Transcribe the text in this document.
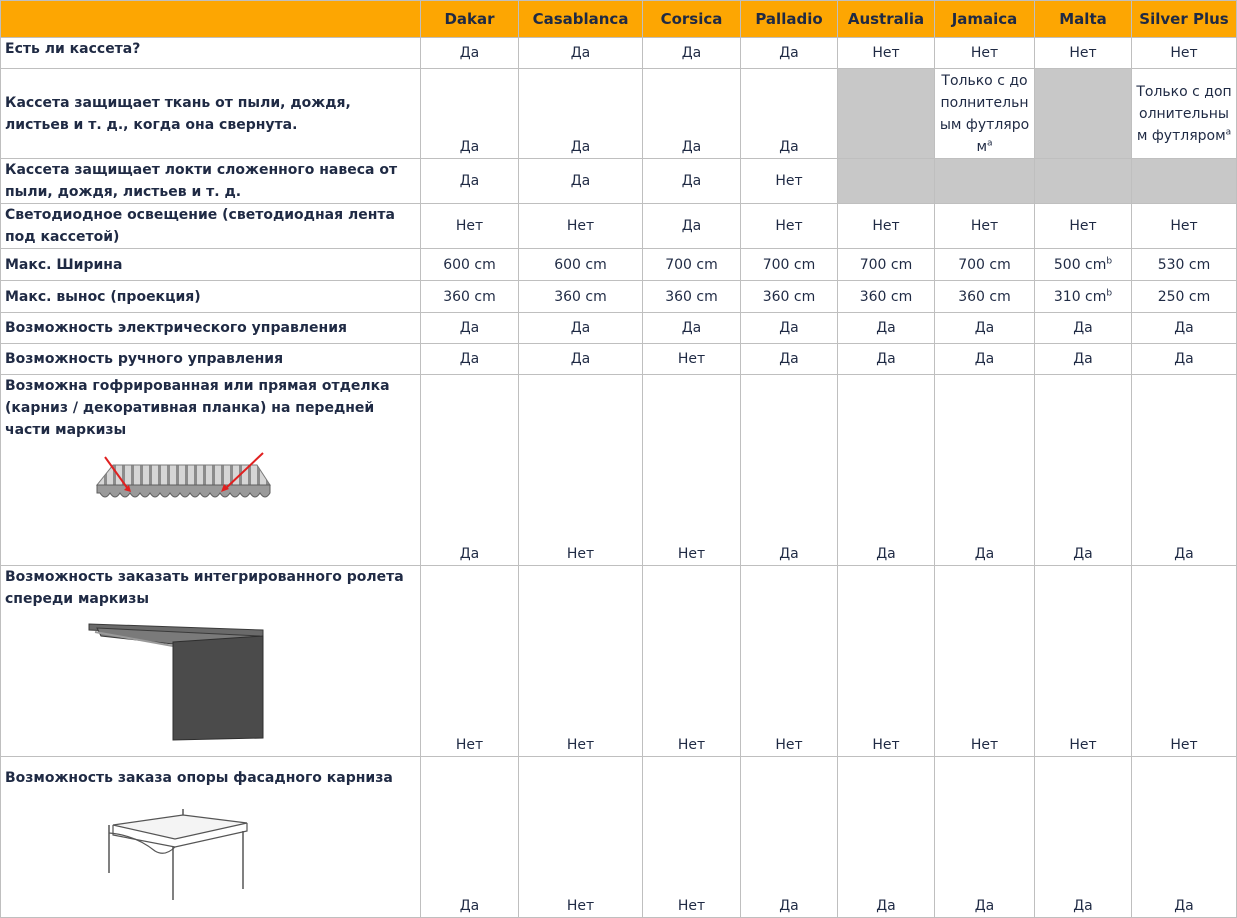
	Dakar	Casablanca	Corsica	Palladio	Australia	Jamaica	Malta	Silver Plus
Есть ли кассета?	Да	Да	Да	Да	Нет	Нет	Нет	Нет
Кассета защищает ткань от пыли, дождя, листьев и т. д., когда она свернута.	Да	Да	Да	Да		Только с дополнительным футляром$^a$		Только с дополнительным футляром$^a$
Кассета защищает локти сложенного навеса от пыли, дождя, листьев и т. д.	Да	Да	Да	Нет				
Светодиодное освещение (светодиодная лента под кассетой)	Нет	Нет	Да	Нет	Нет	Нет	Нет	Нет
Макс. Ширина	600 cm	600 cm	700 cm	700 cm	700 cm	700 cm	500 $cm^b$	530 cm
Макс. вынос (проекция)	360 cm	360 cm	360 cm	360 cm	360 cm	360 cm	310 $cm^b$	250 cm
Возможность электрического управления	Да	Да	Да	Да	Да	Да	Да	Да
Возможность ручного управления	Да	Да	Нет	Да	Да	Да	Да	Да

Возможна гофрированная или прямая отделка (карниз / декоративная планка) на передней части маркизы	Да	Нет	Нет	Да	Да	Да	Да	Да

Возможность заказать интегрированного ролета спереди маркизы	Нет	Нет	Нет	Нет	Нет	Нет	Нет	Нет

Возможность заказа опоры фасадного карниза	Да	Нет	Нет	Да	Да	Да	Да	Да
